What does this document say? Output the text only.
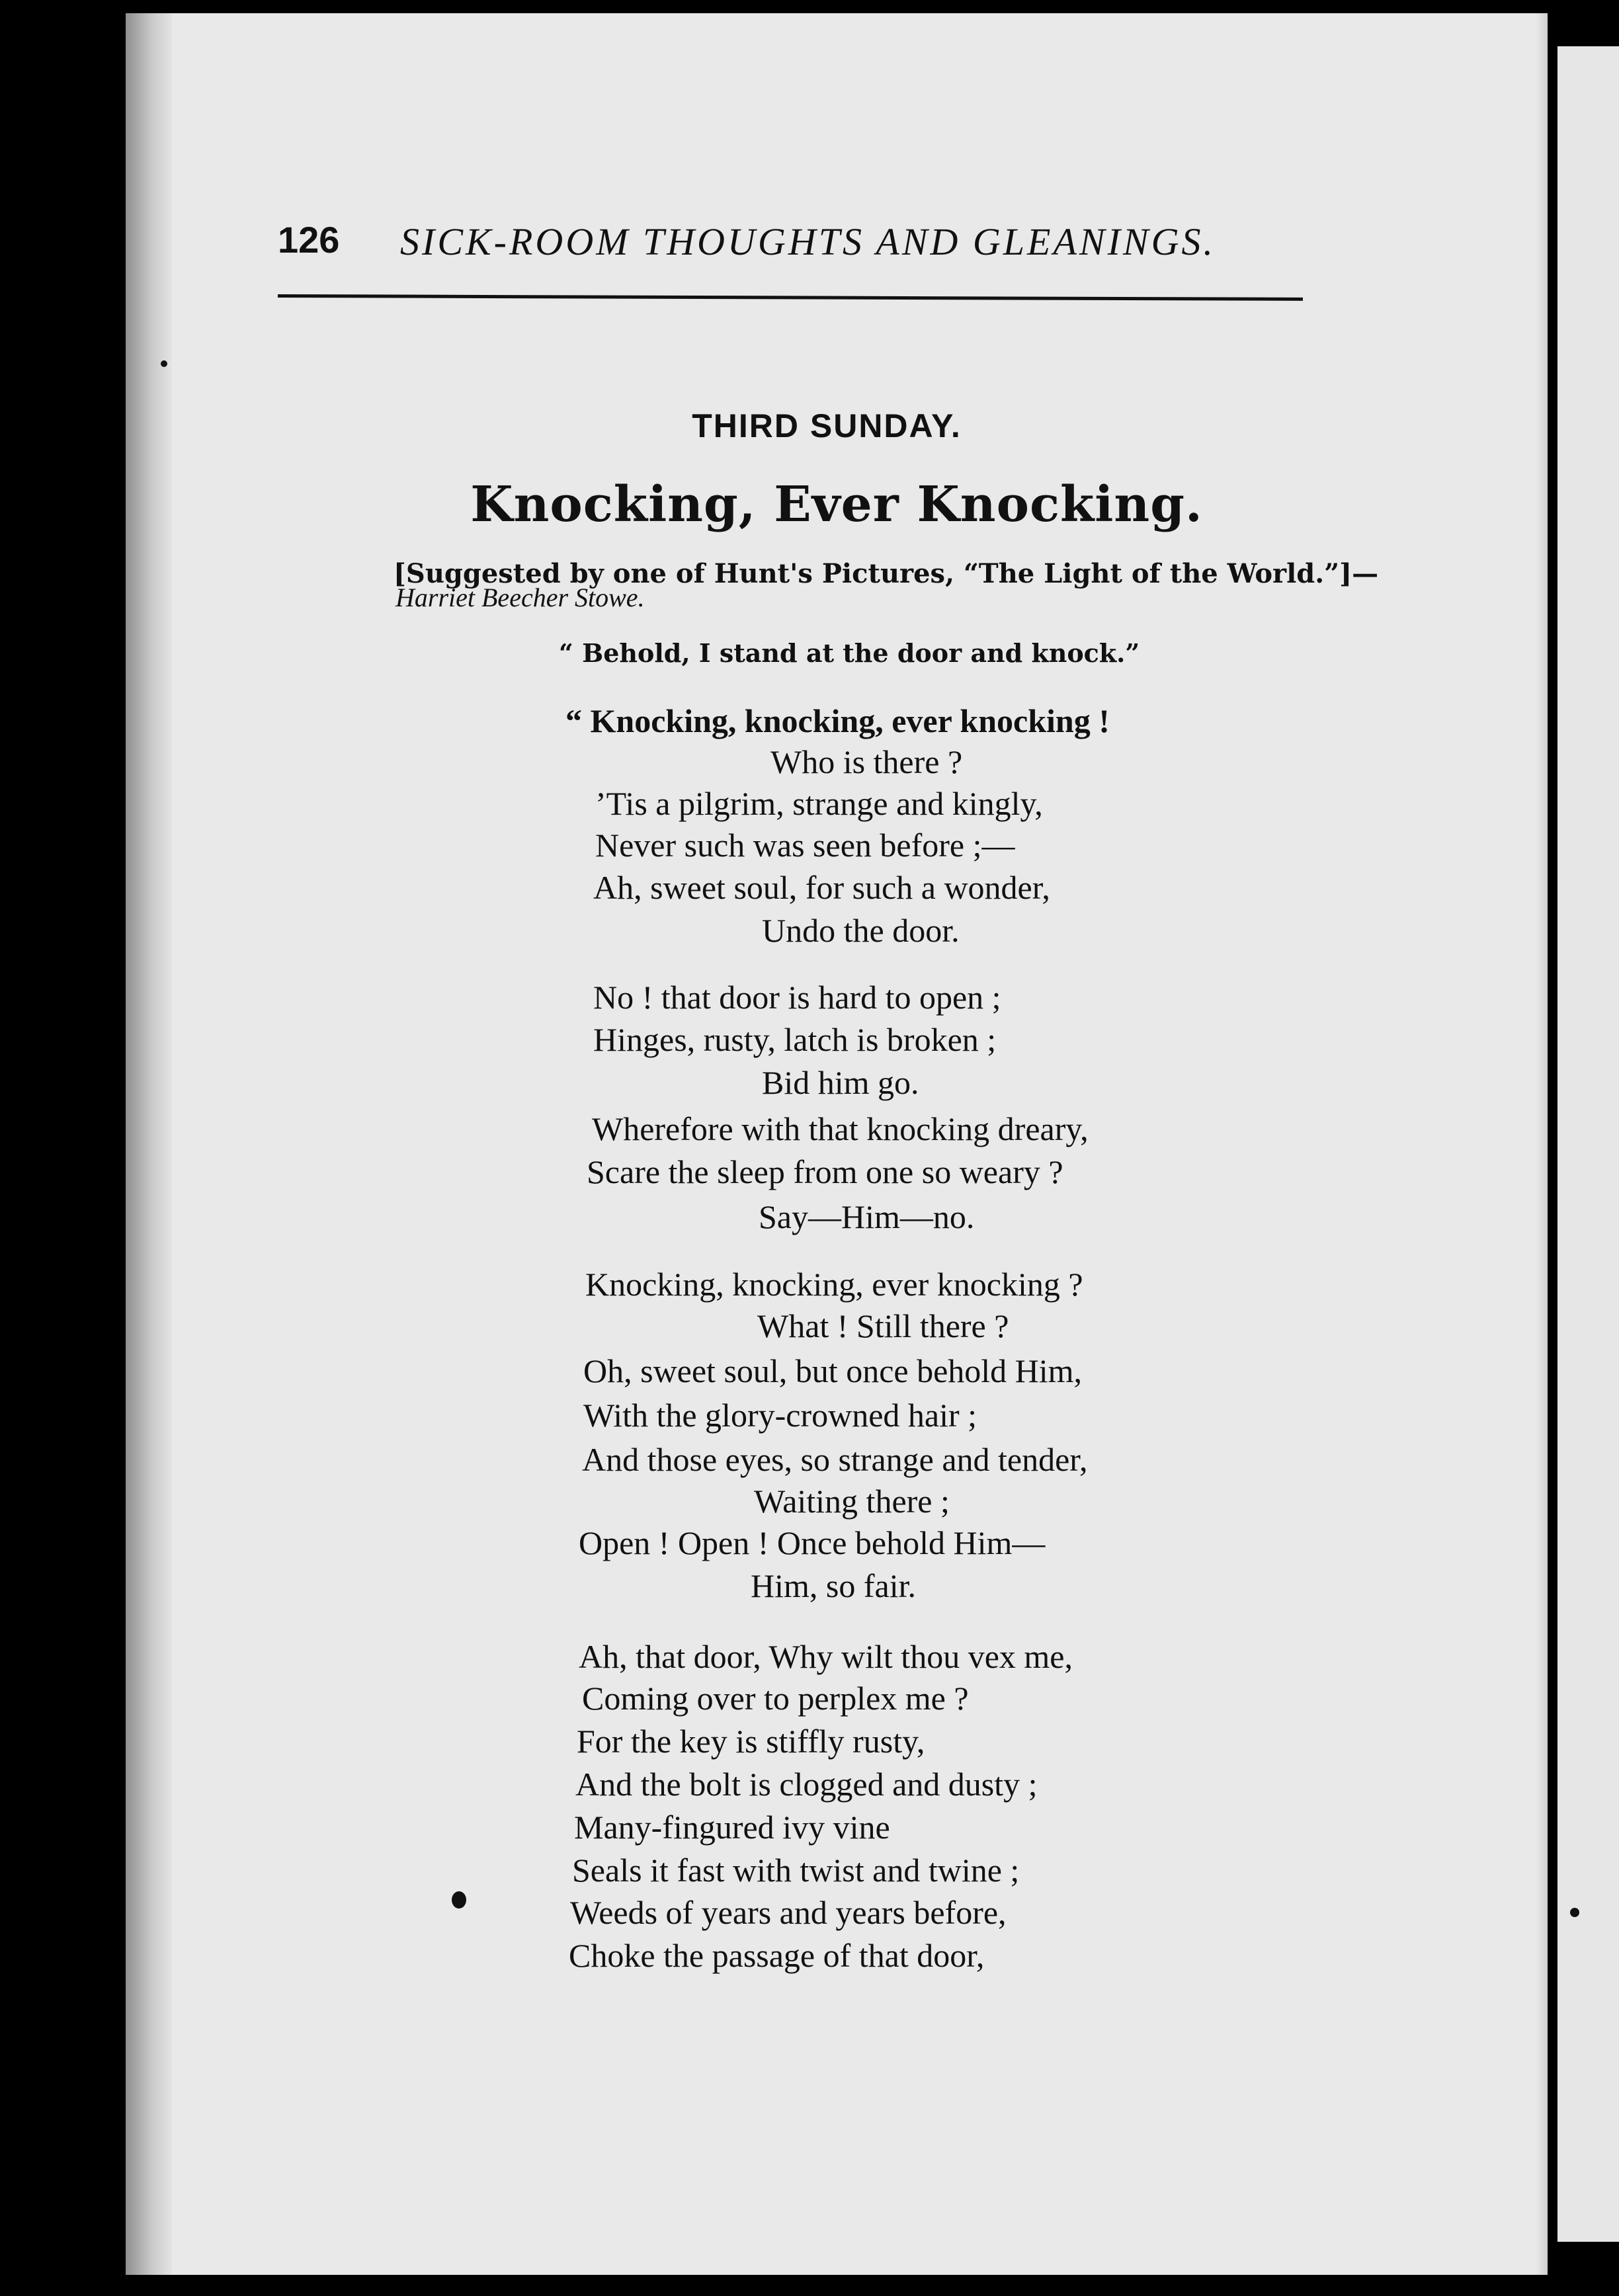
126 SICK-ROOM THOUGHTS AND GLEANINGS.
THIRD SUNDAY.
Knocking, Ever Knocking.
[Suggested by one of Hunt's Pictures, “The Light of the World.”]—
Harriet Beecher Stowe.
“ Behold, I stand at the door and knock.”
“ Knocking, knocking, ever knocking !
Who is there ?
’Tis a pilgrim, strange and kingly,
Never such was seen before ;—
Ah, sweet soul, for such a wonder,
Undo the door.
No ! that door is hard to open ;
Hinges, rusty, latch is broken ;
Bid him go.
Wherefore with that knocking dreary,
Scare the sleep from one so weary ?
Say—Him—no.
Knocking, knocking, ever knocking ?
What ! Still there ?
Oh, sweet soul, but once behold Him,
With the glory-crowned hair ;
And those eyes, so strange and tender,
Waiting there ;
Open ! Open ! Once behold Him—
Him, so fair.
Ah, that door, Why wilt thou vex me,
Coming over to perplex me ?
For the key is stiffly rusty,
And the bolt is clogged and dusty ;
Many-fingured ivy vine
Seals it fast with twist and twine ;
Weeds of years and years before,
Choke the passage of that door,
